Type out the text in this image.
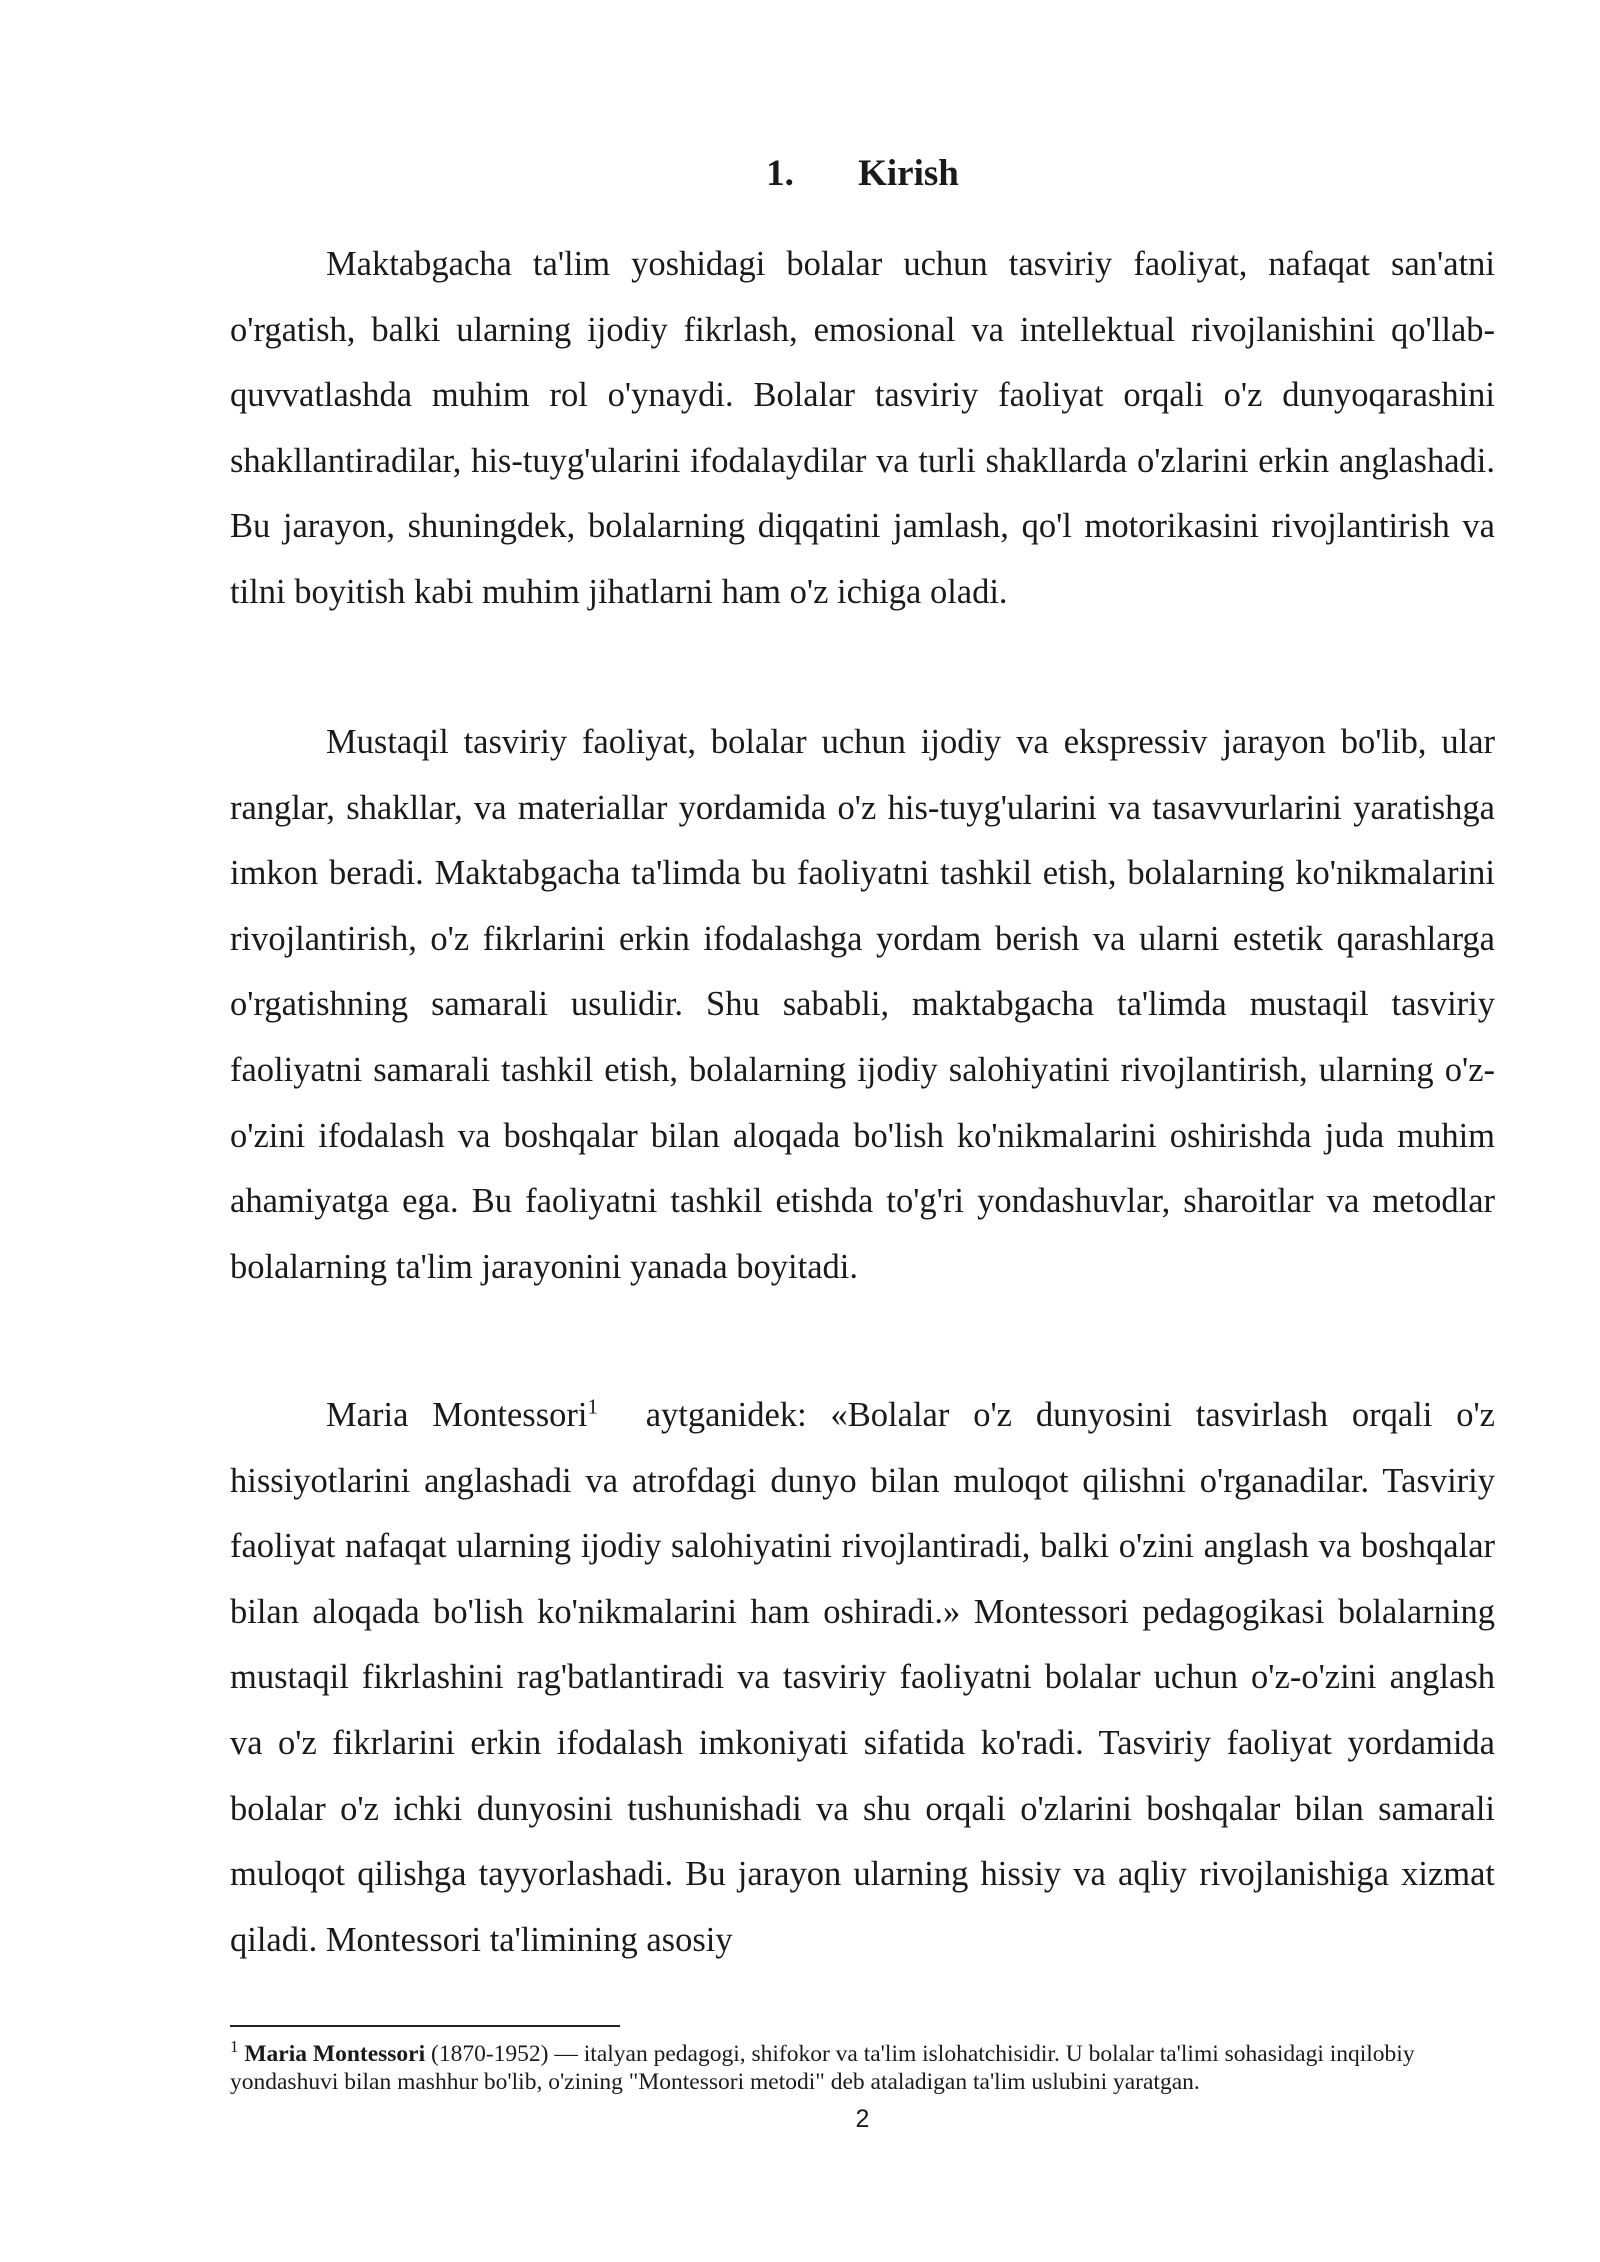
1. Kirish

Maktabgacha ta'lim yoshidagi bolalar uchun tasviriy faoliyat, nafaqat san'atni o'rgatish, balki ularning ijodiy fikrlash, emosional va intellektual rivojlanishini qo'llab-quvvatlashda muhim rol o'ynaydi. Bolalar tasviriy faoliyat orqali o'z dunyoqarashini shakllantiradilar, his-tuyg'ularini ifodalaydilar va turli shakllarda o'zlarini erkin anglashadi. Bu jarayon, shuningdek, bolalarning diqqatini jamlash, qo'l motorikasini rivojlantirish va tilni boyitish kabi muhim jihatlarni ham o'z ichiga oladi.

Mustaqil tasviriy faoliyat, bolalar uchun ijodiy va ekspressiv jarayon bo'lib, ular ranglar, shakllar, va materiallar yordamida o'z his-tuyg'ularini va tasavvurlarini yaratishga imkon beradi. Maktabgacha ta'limda bu faoliyatni tashkil etish, bolalarning ko'nikmalarini rivojlantirish, o'z fikrlarini erkin ifodalashga yordam berish va ularni estetik qarashlarga o'rgatishning samarali usulidir. Shu sababli, maktabgacha ta'limda mustaqil tasviriy faoliyatni samarali tashkil etish, bolalarning ijodiy salohiyatini rivojlantirish, ularning o'z-o'zini ifodalash va boshqalar bilan aloqada bo'lish ko'nikmalarini oshirishda juda muhim ahamiyatga ega. Bu faoliyatni tashkil etishda to'g'ri yondashuvlar, sharoitlar va metodlar bolalarning ta'lim jarayonini yanada boyitadi.

Maria Montessori$^1$  aytganidek: «Bolalar o'z dunyosini tasvirlash orqali o'z hissiyotlarini anglashadi va atrofdagi dunyo bilan muloqot qilishni o'rganadilar. Tasviriy faoliyat nafaqat ularning ijodiy salohiyatini rivojlantiradi, balki o'zini anglash va boshqalar bilan aloqada bo'lish ko'nikmalarini ham oshiradi.» Montessori pedagogikasi bolalarning mustaqil fikrlashini rag'batlantiradi va tasviriy faoliyatni bolalar uchun o'z-o'zini anglash va o'z fikrlarini erkin ifodalash imkoniyati sifatida ko'radi. Tasviriy faoliyat yordamida bolalar o'z ichki dunyosini tushunishadi va shu orqali o'zlarini boshqalar bilan samarali muloqot qilishga tayyorlashadi. Bu jarayon ularning hissiy va aqliy rivojlanishiga xizmat qiladi. Montessori ta'limining asosiy

$^1$ Maria Montessori (1870-1952) — italyan pedagogi, shifokor va ta'lim islohatchisidir. U bolalar ta'limi sohasidagi inqilobiy yondashuvi bilan mashhur bo'lib, o'zining "Montessori metodi" deb ataladigan ta'lim uslubini yaratgan.

2
